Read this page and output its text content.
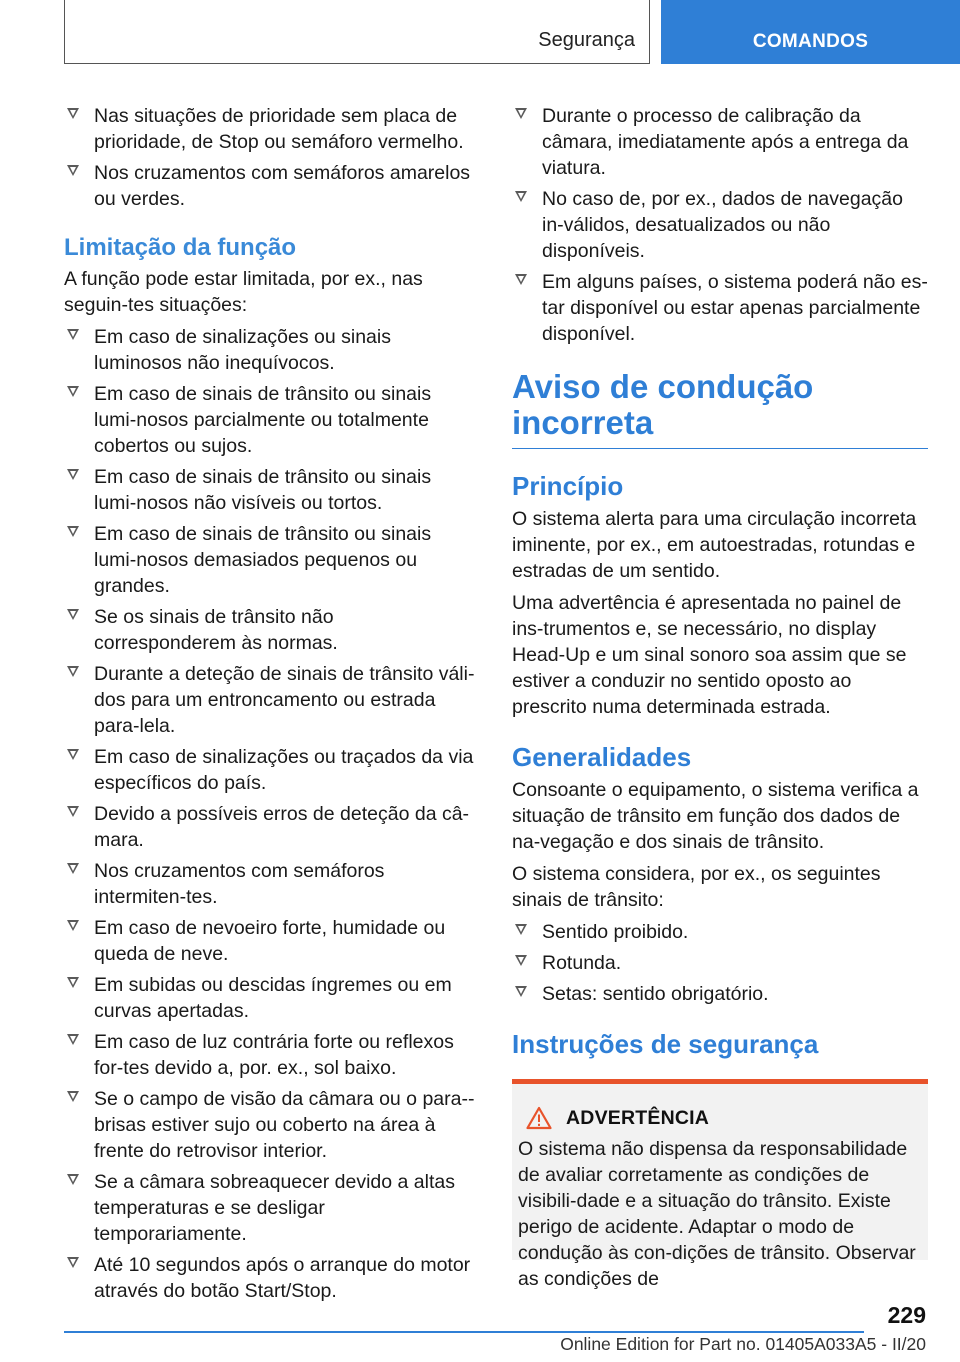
Segurança	COMANDOS
Nas situações de prioridade sem placa de prioridade, de Stop ou semáforo vermelho.
Nos cruzamentos com semáforos amarelos ou verdes.
Limitação da função

A função pode estar limitada, por ex., nas seguin-tes situações:

Em caso de sinalizações ou sinais luminosos não inequívocos.
Em caso de sinais de trânsito ou sinais lumi-nosos parcialmente ou totalmente cobertos ou sujos.
Em caso de sinais de trânsito ou sinais lumi-nosos não visíveis ou tortos.
Em caso de sinais de trânsito ou sinais lumi-nosos demasiados pequenos ou grandes.
Se os sinais de trânsito não corresponderem às normas.
Durante a deteção de sinais de trânsito váli-dos para um entroncamento ou estrada para-lela.
Em caso de sinalizações ou traçados da via específicos do país.
Devido a possíveis erros de deteção da câ-mara.
Nos cruzamentos com semáforos intermiten-tes.
Em caso de nevoeiro forte, humidade ou queda de neve.
Em subidas ou descidas íngremes ou em curvas apertadas.
Em caso de luz contrária forte ou reflexos for-tes devido a, por. ex., sol baixo.
Se o campo de visão da câmara ou o para--brisas estiver sujo ou coberto na área à frente do retrovisor interior.
Se a câmara sobreaquecer devido a altas temperaturas e se desligar temporariamente.
Até 10 segundos após o arranque do motor através do botão Start/Stop.
Durante o processo de calibração da câmara, imediatamente após a entrega da viatura.
No caso de, por ex., dados de navegação in-válidos, desatualizados ou não disponíveis.
Em alguns países, o sistema poderá não es-tar disponível ou estar apenas parcialmente disponível.
Aviso de condução incorreta
Princípio

O sistema alerta para uma circulação incorreta iminente, por ex., em autoestradas, rotundas e estradas de um sentido.

Uma advertência é apresentada no painel de ins-trumentos e, se necessário, no display Head-Up e um sinal sonoro soa assim que se estiver a conduzir no sentido oposto ao prescrito numa determinada estrada.

Generalidades

Consoante o equipamento, o sistema verifica a situação de trânsito em função dos dados de na-vegação e dos sinais de trânsito.

O sistema considera, por ex., os seguintes sinais de trânsito:

Sentido proibido.
Rotunda.
Setas: sentido obrigatório.
Instruções de segurança
ADVERTÊNCIA

O sistema não dispensa da responsabilidade de avaliar corretamente as condições de visibili-dade e a situação do trânsito. Existe perigo de acidente. Adaptar o modo de condução às con-dições de trânsito. Observar as condições de

229
Online Edition for Part no. 01405A033A5 - II/20
